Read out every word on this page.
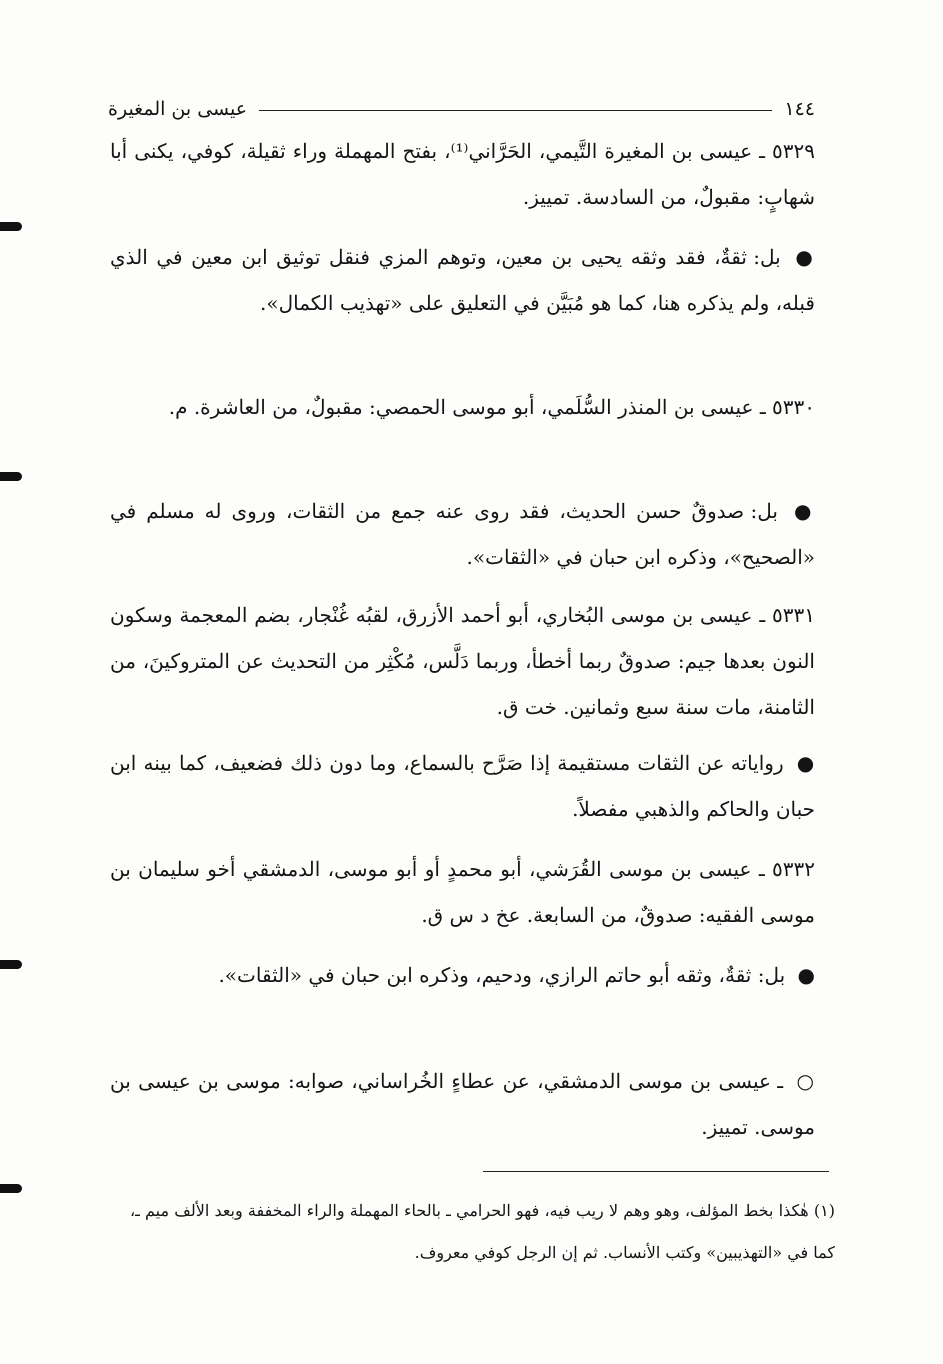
١٤٤
عيسى بن المغيرة
٥٣٢٩ ـ عيسى بن المغيرة التَّيمي، الحَرَّاني⁽¹⁾، بفتح المهملة وراء ثقيلة، كوفي، يكنى أبا شهابٍ: مقبولٌ، من السادسة. تمييز.
● بل: ثقةٌ، فقد وثقه يحيى بن معين، وتوهم المزي فنقل توثيق ابن معين في الذي قبله، ولم يذكره هنا، كما هو مُبَيَّن في التعليق على «تهذيب الكمال».
٥٣٣٠ ـ عيسى بن المنذر السُّلَمي، أبو موسى الحمصي: مقبولٌ، من العاشرة. م.
● بل: صدوقٌ حسن الحديث، فقد روى عنه جمع من الثقات، وروى له مسلم في «الصحيح»، وذكره ابن حبان في «الثقات».
٥٣٣١ ـ عيسى بن موسى البُخاري، أبو أحمد الأزرق، لقبُه غُنْجار، بضم المعجمة وسكون النون بعدها جيم: صدوقٌ ربما أخطأ، وربما دَلَّس، مُكْثِر من التحديث عن المتروكينَ، من الثامنة، مات سنة سبع وثمانين. خت ق.
● رواياته عن الثقات مستقيمة إذا صَرَّح بالسماع، وما دون ذلك فضعيف، كما بينه ابن حبان والحاكم والذهبي مفصلاً.
٥٣٣٢ ـ عيسى بن موسى القُرَشي، أبو محمدٍ أو أبو موسى، الدمشقي أخو سليمان بن موسى الفقيه: صدوقٌ، من السابعة. عخ د س ق.
● بل: ثقةٌ، وثقه أبو حاتم الرازي، ودحيم، وذكره ابن حبان في «الثقات».
○ ـ عيسى بن موسى الدمشقي، عن عطاءٍ الخُراساني، صوابه: موسى بن عيسى بن موسى. تمييز.
(١) هٰكذا بخط المؤلف، وهو وهم لا ريب فيه، فهو الحرامي ـ بالحاء المهملة والراء المخففة وبعد الألف ميم ـ، كما في «التهذيبين» وكتب الأنساب. ثم إن الرجل كوفي معروف.
